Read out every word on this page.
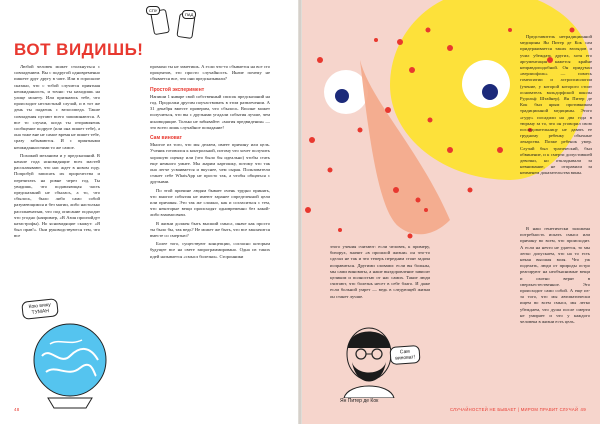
СПУ
ПАД
ВОТ ВИДИШЬ!

Любой человек может столкнуться с совпадением. Вы с подругой одновременно пишете друг другу в чате. Или в горoскопе сказано, что с тобой случится приятная неожиданность, и точно: ты находишь на улице монету. Или признаюсь тебе, что происходит несчастный случай, и в тот же день ты падаешь с велосипеда. Такие совпадения пугают всего запоминаются. А все то случаи, когда ты отправляешь сообщение подруге (или она пишет тебе), а она тоже вне не самое время не пишет тебе, сразу забываются. И с приятными неожиданностями то же самое.

Похожий механизм и у предсказаний. В начале года ясновидящие всех мастей рассказывают, что нас ждет в новом году. Попробуй записать их пророчества и перечитать на ровне через год. Ты увидишь, что подавляющая часть предсказаний не сбылась, а то, что сбылось, было либо само собой разумеющимся и без магии, либо настолько расплывчатым, что под описание подходит что угодно (например, «В Азия произойдут катастрофы). Но ясновидящие скажут: «Я был прав!». Они руководствуются тем, что все

промахи ты не заметишь. А если что-то сбывается на все сто процентов, это просто случайность. Иначе почему не сбывается все, что они предсказывали?

Простой эксперимент

Напиши 1 январе свой собственный список предсказаний на год. Продолжи другим поучаствовать в этом развлечении. А 31 декабря вместе проверим, что сбылось. Вполне может получиться, что вы с друзьями угадали события лучше, чем ясновидящие. Только не забывайте: «магия предвидения» — это всего лишь случайное попадание!

Сам виноват

Многое из того, что мы делаем, имеет причину или цель. Ученик готовился к контрольной, потому что хочет получить хорошую оценку или (что было бы идеально) чтобы стать еще немного умнее. Мы жарим картошку, потому что так она легче усваивается и вкуснее, чем сырая. Пользователи станет себе WhatsApp не просто так, а чтобы общаться с друзьями.

По этой причине людям бывает очень трудно принять, что многие события не имеют заранее определенной цели или причины. Это так же сложно, как и согласиться с тем, что некоторые вещи происходят одновременно без какой-либо взаимосвязи.

В жизни должен быть высший смысл, иначе как просто ты было бы, так ведь? Не может же быть, что все закончится вместе со смертью?

Более того, существуют концепции, согласно которым будущее все на свете запрограммировано. Одна из таких идей называется «смысл болезни». Сторонники

Кою вижу ТУМАН
48

этого учения считают: если человек, к примеру, бизорух, значит «в прошлой жизни» он что-то сделал не так и что теперь передним стоят задача исправиться. Другими словами: если вы больны, мы сами виноваты, а наше выздоровление зависит целиком и полностью от нас самих. Такие люди считают, что болезнь несет в себе благо. И даже если больной умрет — ведь в следующей жизни он станет лучше.

Представитель нетрадиционной медицины Ян Питер де Кок сам придерживается таких взглядов и учил убеждать других, хотя его аргументация кажется крайне неправдоподобной. Он придумал «верлиофоль» — помесь гомеопатии и астропсиологии (учение, у которой которого стоит основатель вальдорфской школы Рудольф Штайнер). Ян Питер де Кок был ярым противником традиционной медицины. Этого «гуру» посадили на два года в тюрьму за то, что он уговорил свою последовательницу не давать ее грудному ребенку обычные лекарства. Позже ребенок умер. Случай был трагический, был обвинение, и к смерти допустившей девочки, но откладывали за невнимание, не отправили за неименем доказательства вины.

В наш генетически заложена потребность искать смысл или причину во всем, что происходит. А если на нечто не удается, то мы легко допускаем, что на то есть некая высшая воля. Что уж поделать, люди от природы остро реагируют на необъяснимые вещи и охотно верят в сверхъестественное. Это происходит само собой. А еще из-за того, что мы автоматически ищем во всем смысл, мы легко убеждаем, что душа после смерти не умирает и что у каждого человека в жизни есть цель.

Сам виноват!
Ян Питер де Кок
СЛУЧАЙНОСТЕЙ НЕ БЫВАЕТ | МИРОМ ПРАВИТ СЛУЧАЙ 49
